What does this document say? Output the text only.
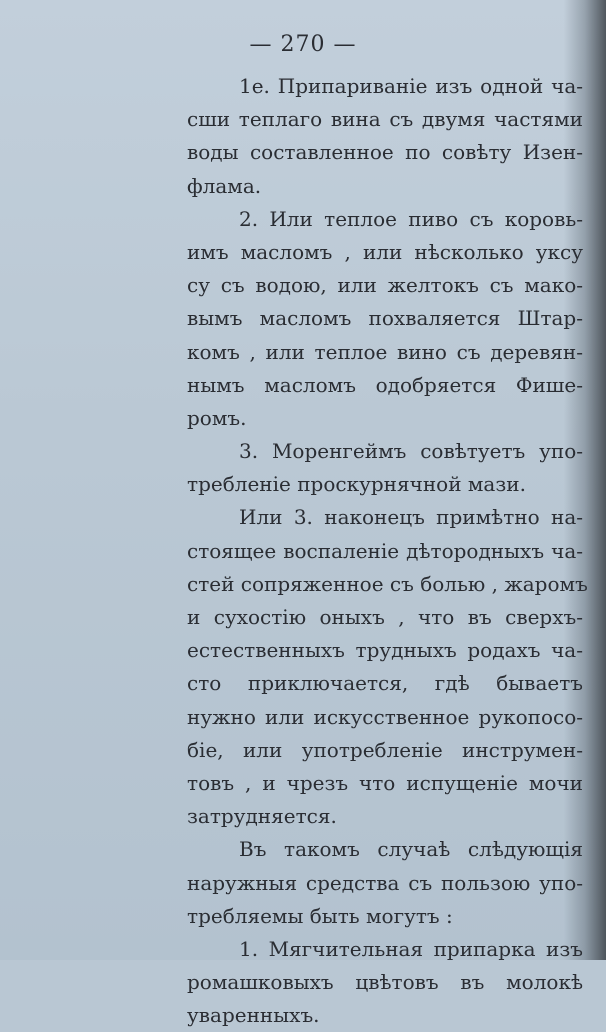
— 270 —
1е. Припариваніе изъ одной ча-
сши теплаго вина съ двумя частями
воды составленное по совѣту Изен-
флама.
2. Или теплое пиво съ коровь-
имъ масломъ , или нѣсколько уксу
су съ водою, или желтокъ съ мако-
вымъ масломъ похваляется Штар-
комъ , или теплое вино съ деревян-
нымъ масломъ одобряется Фише-
ромъ.
3. Моренгеймъ совѣтуетъ упо-
требленіе проскурнячной мази.
Или 3. наконецъ примѣтно на-
стоящее воспаленіе дѣтородныхъ ча-
стей сопряженное съ болью , жаромъ
и сухостію оныхъ , что въ сверхъ-
естественныхъ трудныхъ родахъ ча-
сто приключается, гдѣ бываетъ
нужно или искусственное рукопосо-
біе, или употребленіе инструмен-
товъ , и чрезъ что испущеніе мочи
затрудняется.
Въ такомъ случаѣ слѣдующія
наружныя средства съ пользою упо-
требляемы быть могутъ :
1. Мягчительная припарка изъ
ромашковыхъ цвѣтовъ въ молокѣ
уваренныхъ.
